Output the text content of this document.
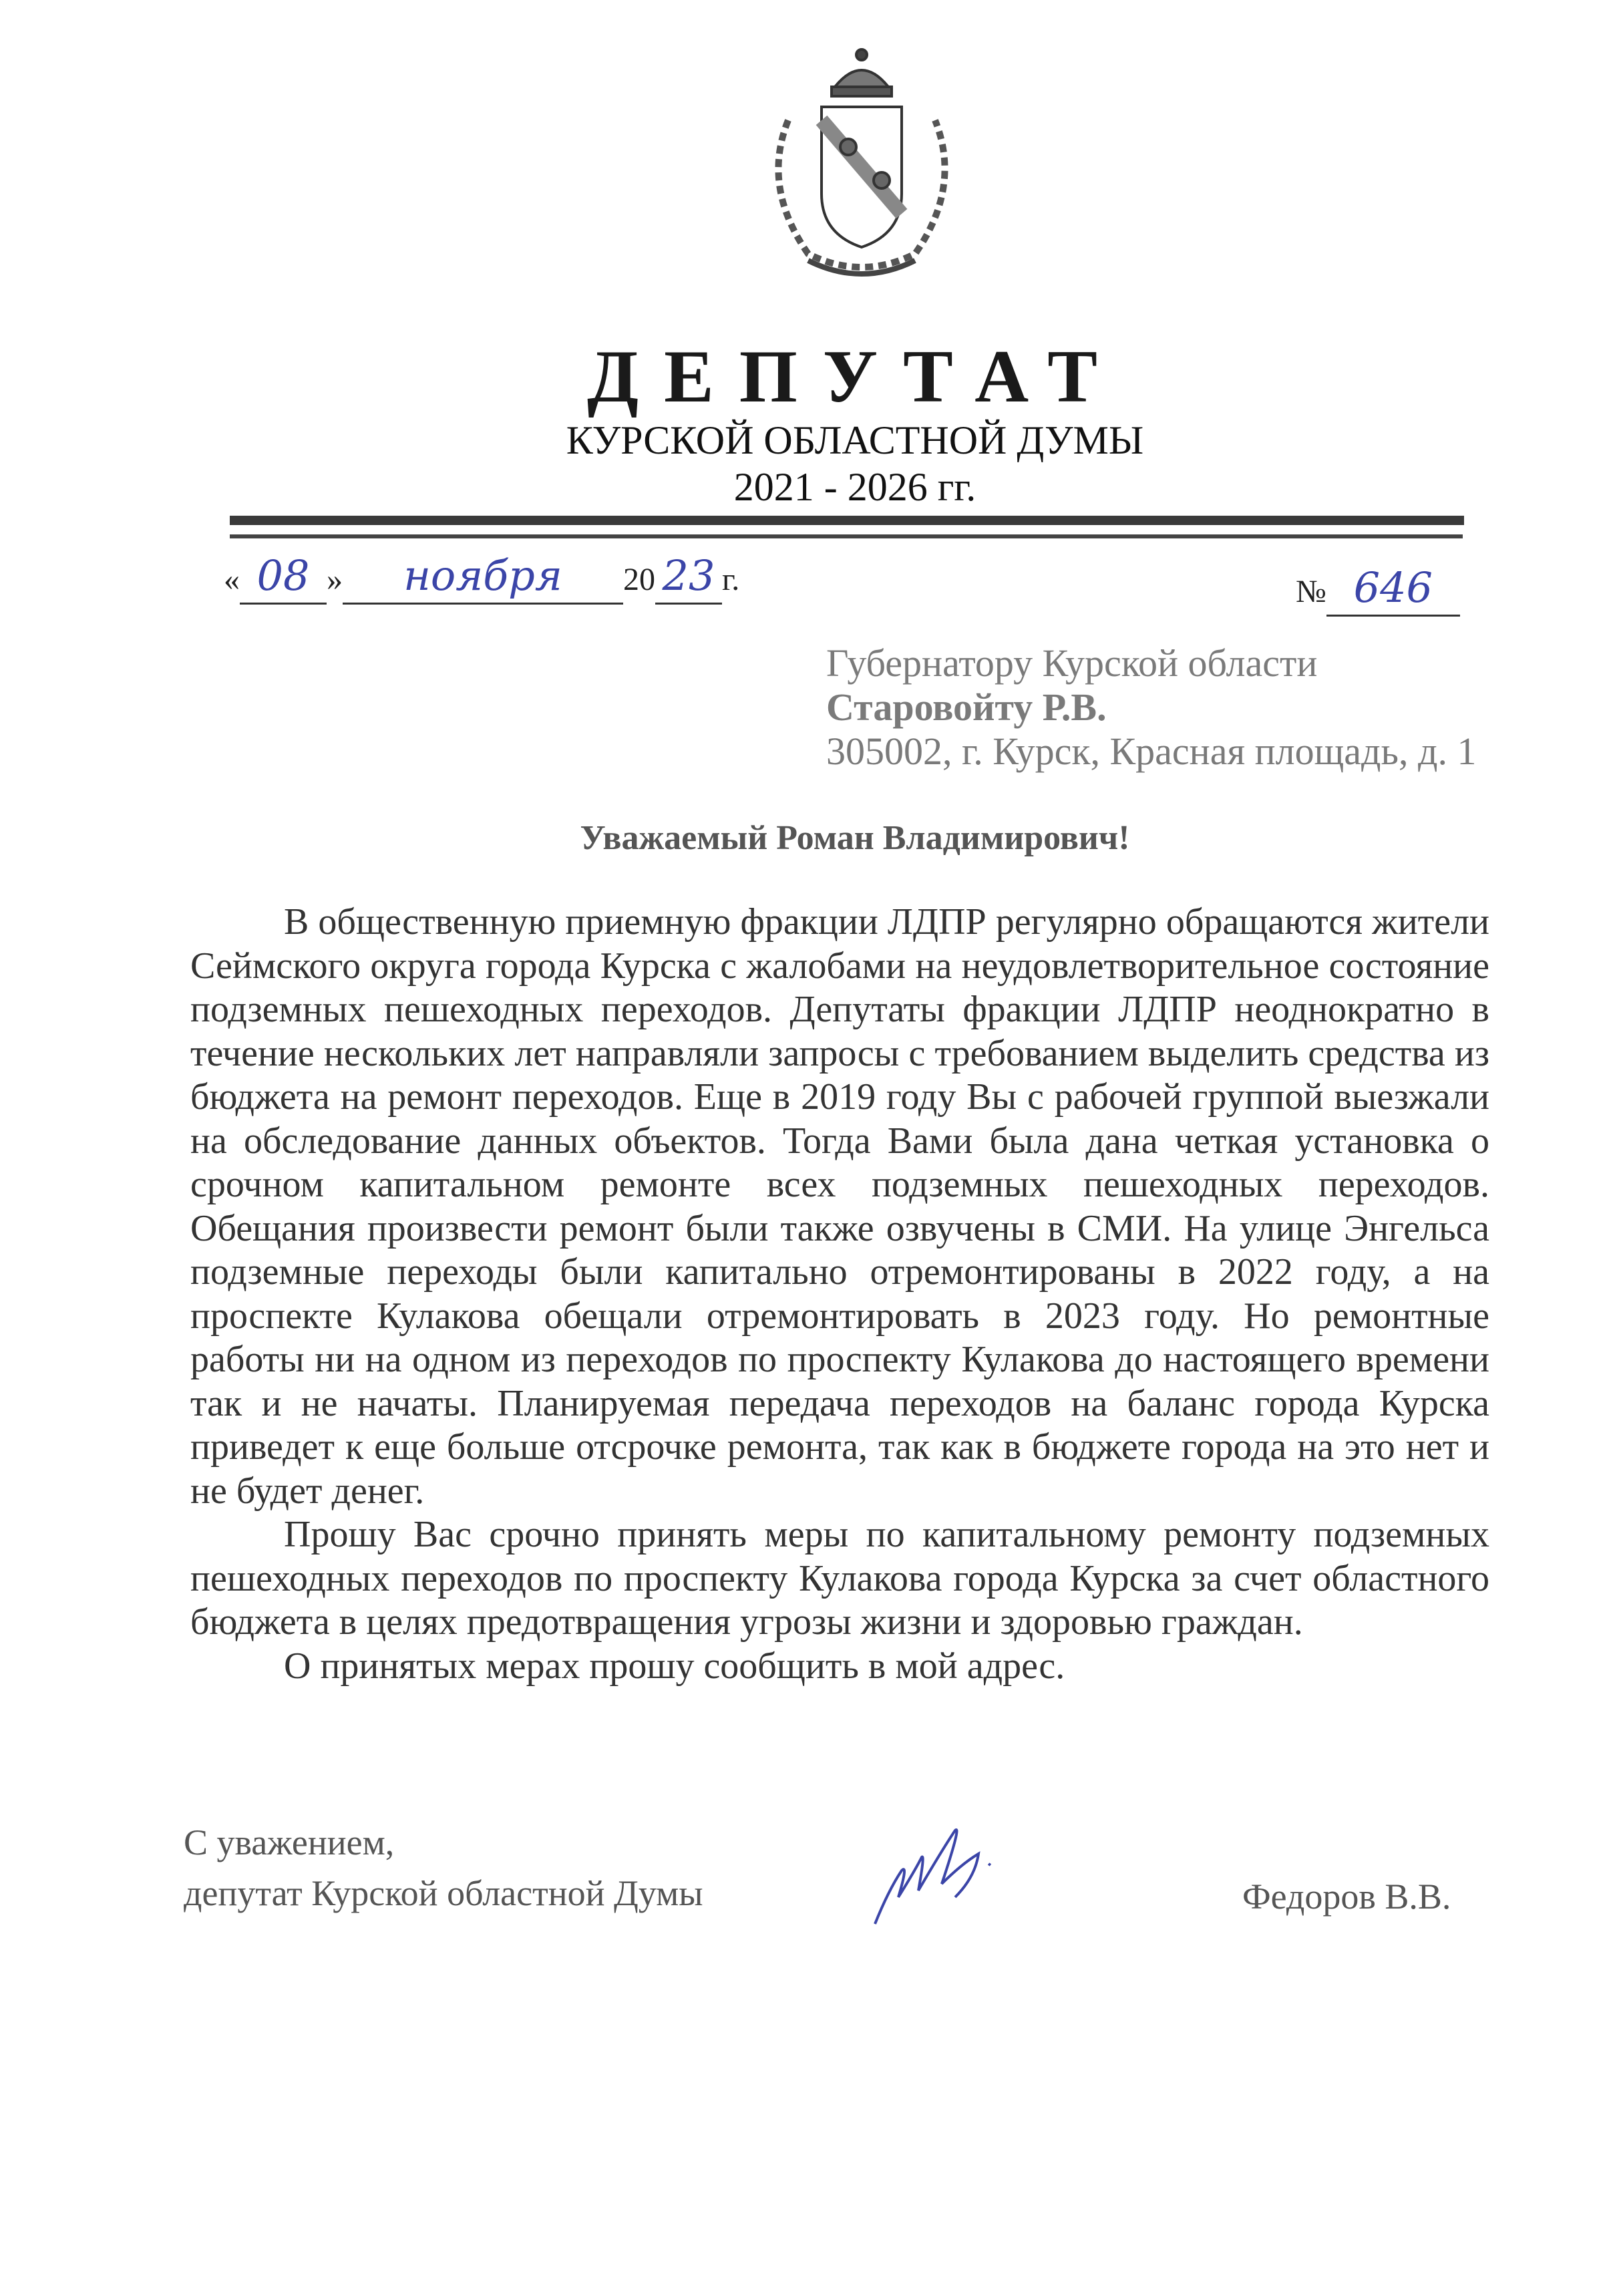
ДЕПУТАТ
КУРСКОЙ ОБЛАСТНОЙ ДУМЫ
2021 - 2026 гг.
« 08 » ноября 20 23 г.	№ 646
Губернатору Курской области
Старовойту Р.В.
305002, г. Курск, Красная площадь, д. 1
Уважаемый Роман Владимирович!

В общественную приемную фракции ЛДПР регулярно обращаются жители Сеймского округа города Курска с жалобами на неудовлетворительное состояние подземных пешеходных переходов. Депутаты фракции ЛДПР неоднократно в течение нескольких лет направляли запросы с требованием выделить средства из бюджета на ремонт переходов. Еще в 2019 году Вы с рабочей группой выезжали на обследование данных объектов. Тогда Вами была дана четкая установка о срочном капитальном ремонте всех подземных пешеходных переходов. Обещания произвести ремонт были также озвучены в СМИ. На улице Энгельса подземные переходы были капитально отремонтированы в 2022 году, а на проспекте Кулакова обещали отремонтировать в 2023 году. Но ремонтные работы ни на одном из переходов по проспекту Кулакова до настоящего времени так и не начаты. Планируемая передача переходов на баланс города Курска приведет к еще больше отсрочке ремонта, так как в бюджете города на это нет и не будет денег.

Прошу Вас срочно принять меры по капитальному ремонту подземных пешеходных переходов по проспекту Кулакова города Курска за счет областного бюджета в целях предотвращения угрозы жизни и здоровью граждан.

О принятых мерах прошу сообщить в мой адрес.

С уважением,
депутат Курской областной Думы	Федоров В.В.
